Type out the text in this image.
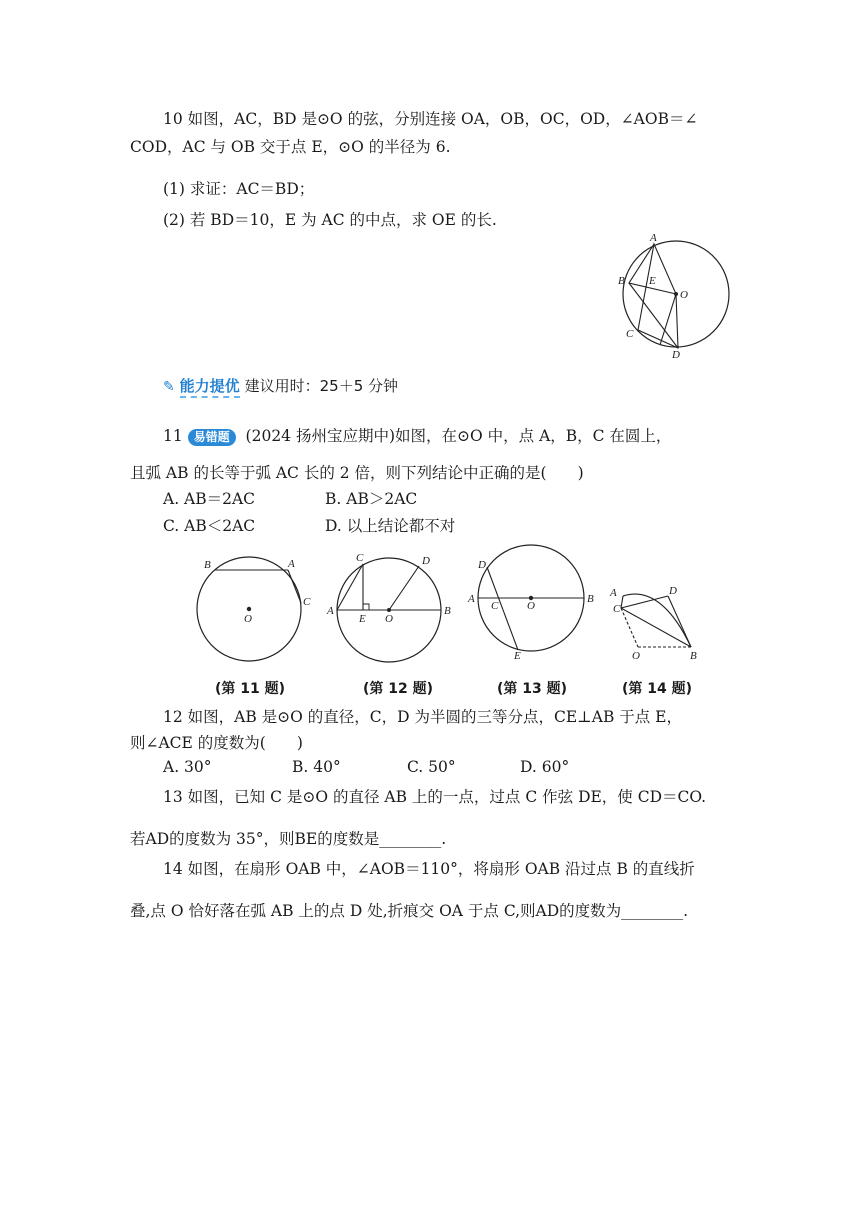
10 如图，AC，BD 是⊙O 的弦，分别连接 OA，OB，OC，OD，∠AOB＝∠
COD，AC 与 OB 交于点 E，⊙O 的半径为 6.
(1) 求证：AC＝BD；
(2) 若 BD＝10，E 为 AC 的中点，求 OE 的长.
A
B E
O
C
D
✎ 能力提优 建议用时：25＋5 分钟
11 易错题 (2024 扬州宝应期中)如图，在⊙O 中，点 A，B，C 在圆上，
且弧 AB 的长等于弧 AC 长的 2 倍，则下列结论中正确的是(　　)
A. AB＝2AC	B. AB＞2AC
C. AB＜2AC	D. 以上结论都不对
B	A
C
O
C	D
A
E O
B
D
A
C	O
B
E
A	D
C
O	B
(第 11 题)	(第 12 题)	(第 13 题)	(第 14 题)
12 如图，AB 是⊙O 的直径，C，D 为半圆的三等分点，CE⊥AB 于点 E，
则∠ACE 的度数为(　　)
A. 30°	B. 40°	C. 50°	D. 60°
13 如图，已知 C 是⊙O 的直径 AB 上的一点，过点 C 作弦 DE，使 CD＝CO.
若AD的度数为 35°，则BE的度数是________.
14 如图，在扇形 OAB 中，∠AOB＝110°，将扇形 OAB 沿过点 B 的直线折
叠,点 O 恰好落在弧 AB 上的点 D 处,折痕交 OA 于点 C,则AD的度数为________.
